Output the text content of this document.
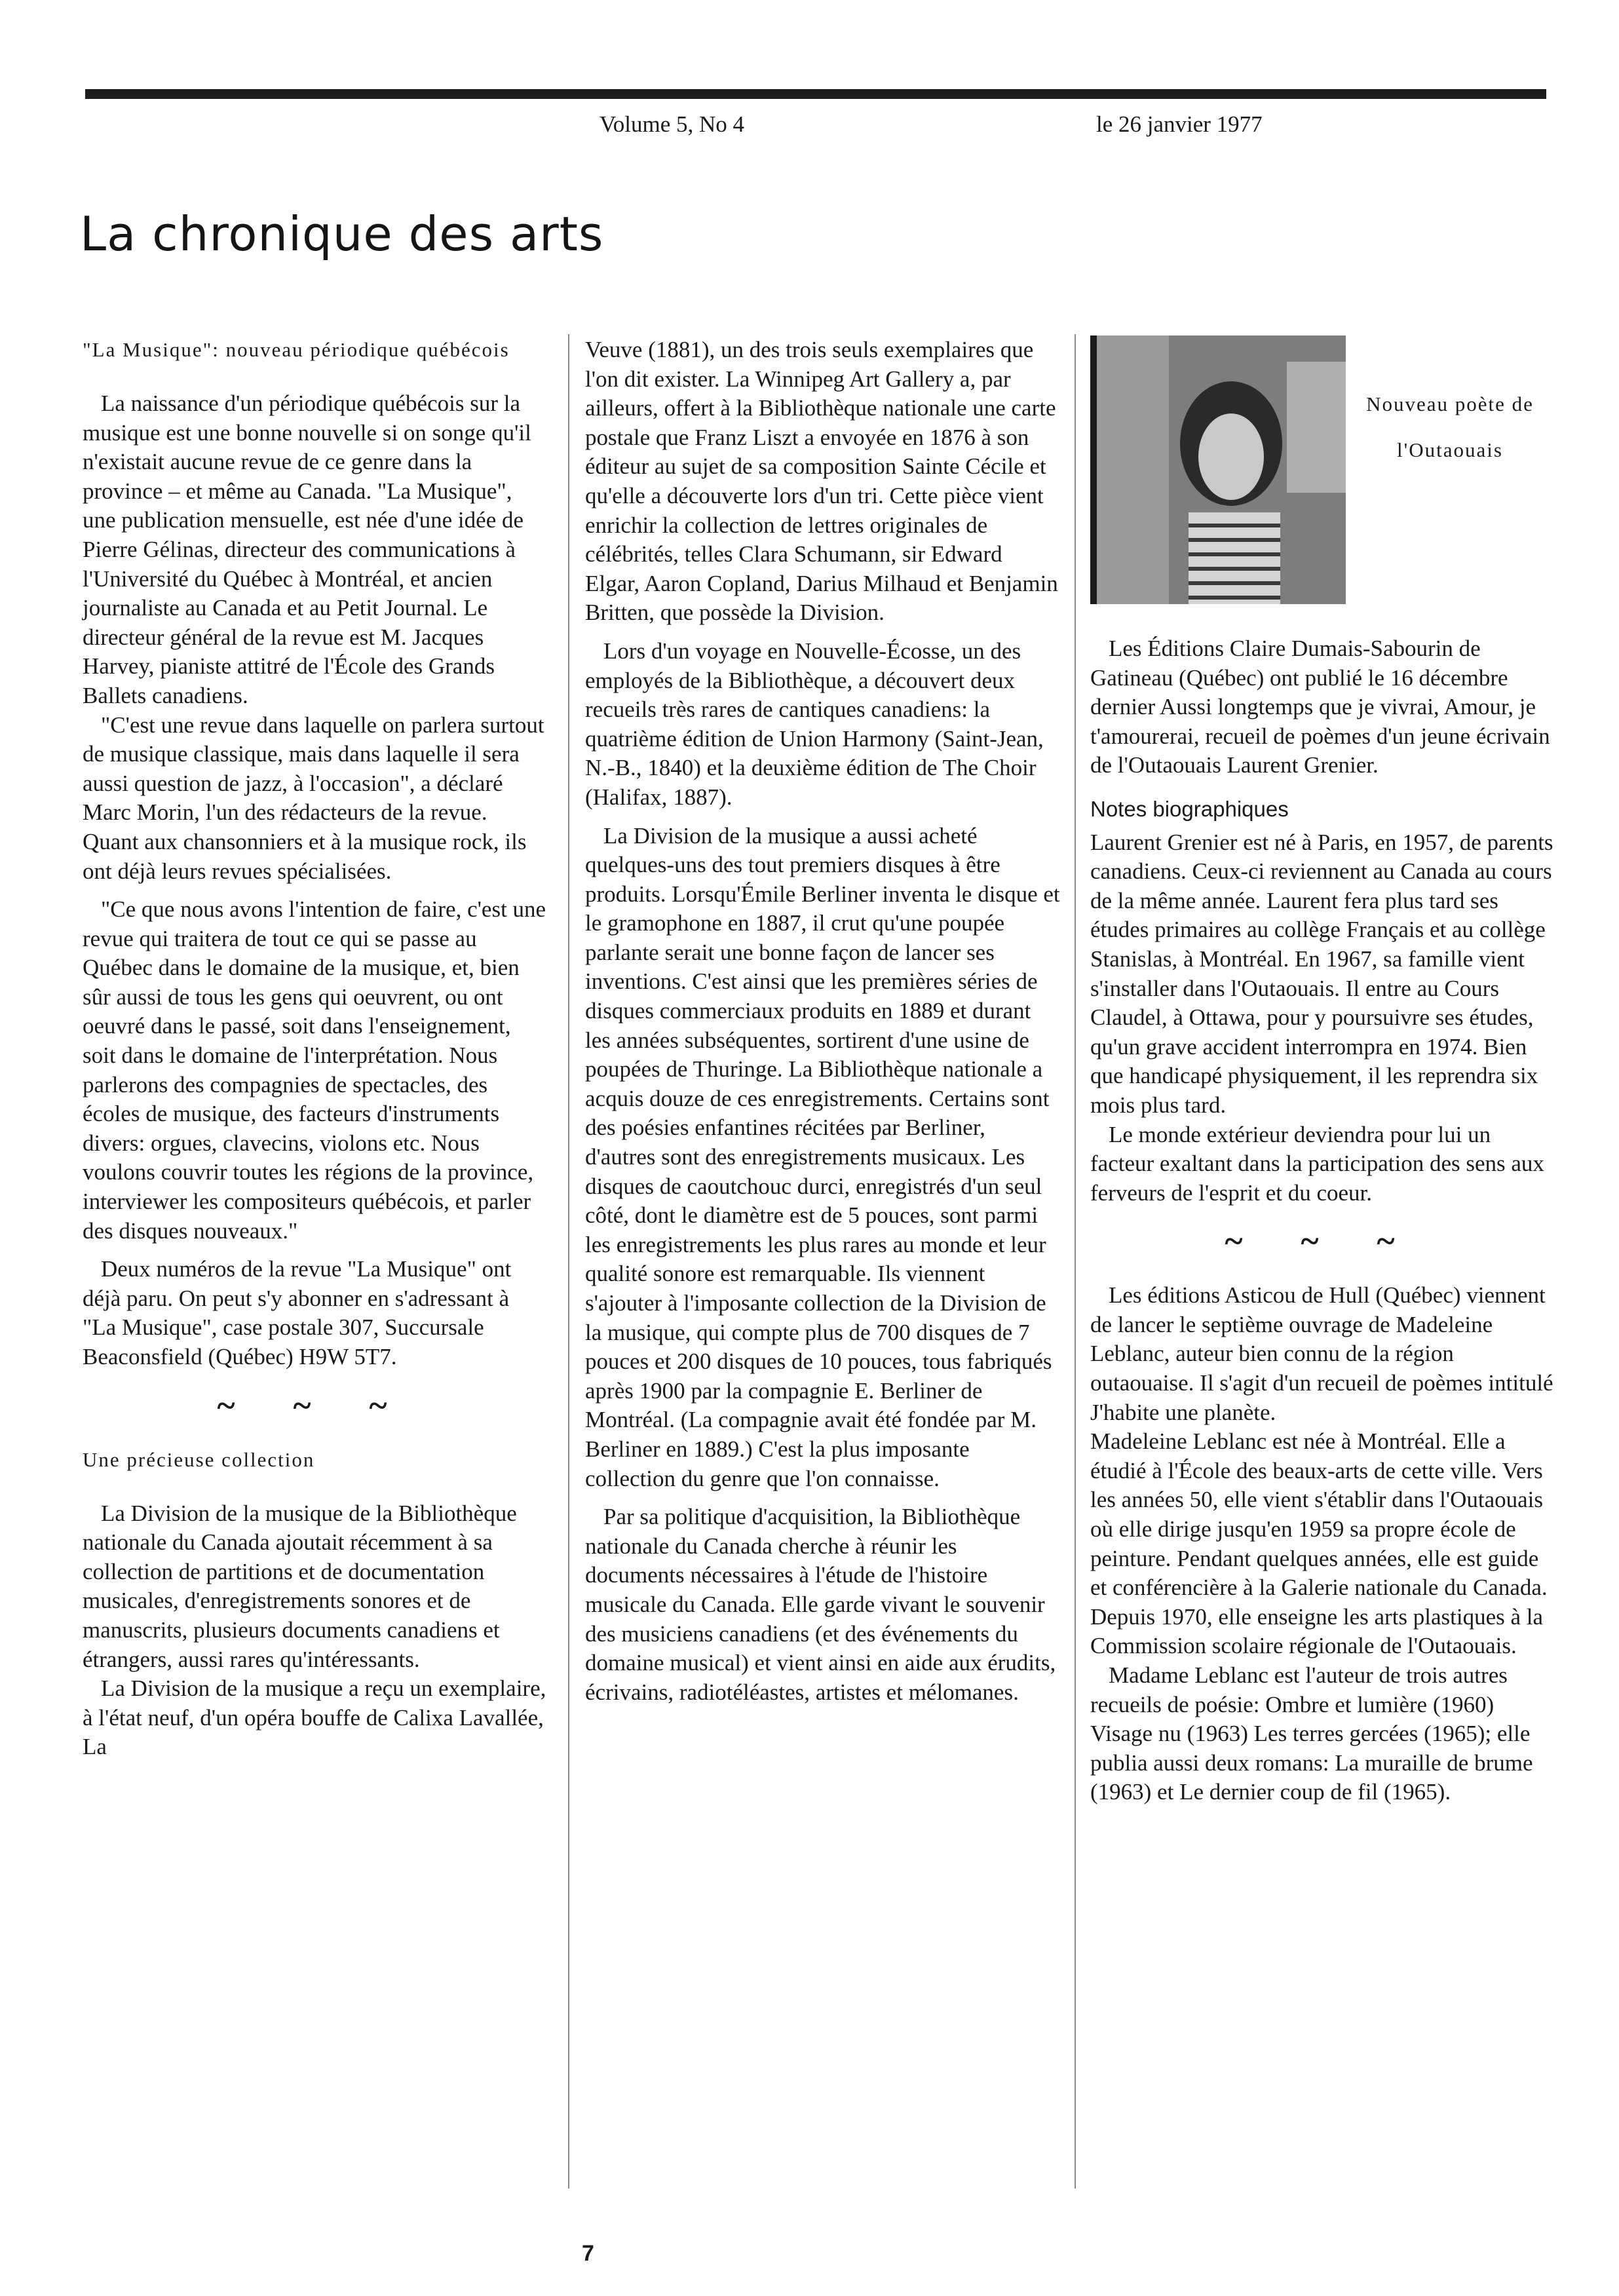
Volume 5, No 4	le 26 janvier 1977
La chronique des arts
"La Musique": nouveau périodique québécois

La naissance d'un périodique québécois sur la musique est une bonne nouvelle si on songe qu'il n'existait aucune revue de ce genre dans la province – et même au Canada. "La Musique", une publication mensuelle, est née d'une idée de Pierre Gélinas, directeur des communications à l'Université du Québec à Montréal, et ancien journaliste au Canada et au Petit Journal. Le directeur général de la revue est M. Jacques Harvey, pianiste attitré de l'École des Grands Ballets canadiens.

"C'est une revue dans laquelle on parlera surtout de musique classique, mais dans laquelle il sera aussi question de jazz, à l'occasion", a déclaré Marc Morin, l'un des rédacteurs de la revue. Quant aux chansonniers et à la musique rock, ils ont déjà leurs revues spécialisées.

"Ce que nous avons l'intention de faire, c'est une revue qui traitera de tout ce qui se passe au Québec dans le domaine de la musique, et, bien sûr aussi de tous les gens qui oeuvrent, ou ont oeuvré dans le passé, soit dans l'enseignement, soit dans le domaine de l'interprétation. Nous parlerons des compagnies de spectacles, des écoles de musique, des facteurs d'instruments divers: orgues, clavecins, violons etc. Nous voulons couvrir toutes les régions de la province, interviewer les compositeurs québécois, et parler des disques nouveaux."

Deux numéros de la revue "La Musique" ont déjà paru. On peut s'y abonner en s'adressant à "La Musique", case postale 307, Succursale Beaconsfield (Québec) H9W 5T7.

~ ~ ~
Une précieuse collection

La Division de la musique de la Bibliothèque nationale du Canada ajoutait récemment à sa collection de partitions et de documentation musicales, d'enregistrements sonores et de manuscrits, plusieurs documents canadiens et étrangers, aussi rares qu'intéressants.

La Division de la musique a reçu un exemplaire, à l'état neuf, d'un opéra bouffe de Calixa Lavallée, La

Veuve (1881), un des trois seuls exemplaires que l'on dit exister. La Winnipeg Art Gallery a, par ailleurs, offert à la Bibliothèque nationale une carte postale que Franz Liszt a envoyée en 1876 à son éditeur au sujet de sa composition Sainte Cécile et qu'elle a découverte lors d'un tri. Cette pièce vient enrichir la collection de lettres originales de célébrités, telles Clara Schumann, sir Edward Elgar, Aaron Copland, Darius Milhaud et Benjamin Britten, que possède la Division.

Lors d'un voyage en Nouvelle-Écosse, un des employés de la Bibliothèque, a découvert deux recueils très rares de cantiques canadiens: la quatrième édition de Union Harmony (Saint-Jean, N.-B., 1840) et la deuxième édition de The Choir (Halifax, 1887).

La Division de la musique a aussi acheté quelques-uns des tout premiers disques à être produits. Lorsqu'Émile Berliner inventa le disque et le gramophone en 1887, il crut qu'une poupée parlante serait une bonne façon de lancer ses inventions. C'est ainsi que les premières séries de disques commerciaux produits en 1889 et durant les années subséquentes, sortirent d'une usine de poupées de Thuringe. La Bibliothèque nationale a acquis douze de ces enregistrements. Certains sont des poésies enfantines récitées par Berliner, d'autres sont des enregistrements musicaux. Les disques de caoutchouc durci, enregistrés d'un seul côté, dont le diamètre est de 5 pouces, sont parmi les enregistrements les plus rares au monde et leur qualité sonore est remarquable. Ils viennent s'ajouter à l'imposante collection de la Division de la musique, qui compte plus de 700 disques de 7 pouces et 200 disques de 10 pouces, tous fabriqués après 1900 par la compagnie E. Berliner de Montréal. (La compagnie avait été fondée par M. Berliner en 1889.) C'est la plus imposante collection du genre que l'on connaisse.

Par sa politique d'acquisition, la Bibliothèque nationale du Canada cherche à réunir les documents nécessaires à l'étude de l'histoire musicale du Canada. Elle garde vivant le souvenir des musiciens canadiens (et des événements du domaine musical) et vient ainsi en aide aux érudits, écrivains, radiotéléastes, artistes et mélomanes.

Nouveau poète de l'Outaouais

Les Éditions Claire Dumais-Sabourin de Gatineau (Québec) ont publié le 16 décembre dernier Aussi longtemps que je vivrai, Amour, je t'amourerai, recueil de poèmes d'un jeune écrivain de l'Outaouais Laurent Grenier.

Notes biographiques

Laurent Grenier est né à Paris, en 1957, de parents canadiens. Ceux-ci reviennent au Canada au cours de la même année. Laurent fera plus tard ses études primaires au collège Français et au collège Stanislas, à Montréal. En 1967, sa famille vient s'installer dans l'Outaouais. Il entre au Cours Claudel, à Ottawa, pour y poursuivre ses études, qu'un grave accident interrompra en 1974. Bien que handicapé physiquement, il les reprendra six mois plus tard.

Le monde extérieur deviendra pour lui un facteur exaltant dans la participation des sens aux ferveurs de l'esprit et du coeur.

~ ~ ~

Les éditions Asticou de Hull (Québec) viennent de lancer le septième ouvrage de Madeleine Leblanc, auteur bien connu de la région outaouaise. Il s'agit d'un recueil de poèmes intitulé J'habite une planète.

Madeleine Leblanc est née à Montréal. Elle a étudié à l'École des beaux-arts de cette ville. Vers les années 50, elle vient s'établir dans l'Outaouais où elle dirige jusqu'en 1959 sa propre école de peinture. Pendant quelques années, elle est guide et conférencière à la Galerie nationale du Canada. Depuis 1970, elle enseigne les arts plastiques à la Commission scolaire régionale de l'Outaouais.

Madame Leblanc est l'auteur de trois autres recueils de poésie: Ombre et lumière (1960) Visage nu (1963) Les terres gercées (1965); elle publia aussi deux romans: La muraille de brume (1963) et Le dernier coup de fil (1965).

7
